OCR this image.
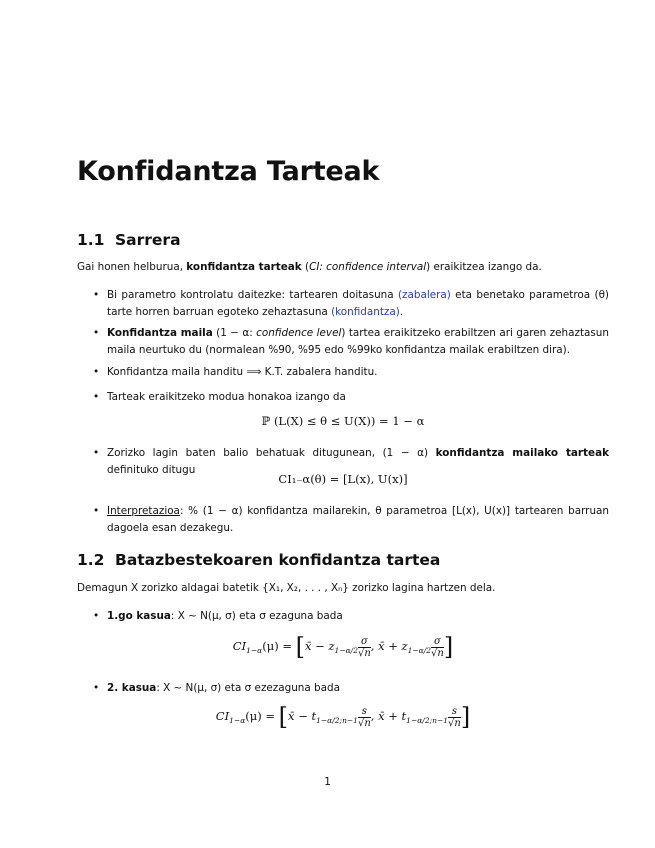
Konfidantza Tarteak
1.1 Sarrera

Gai honen helburua, konfidantza tarteak (CI: confidence interval) eraikitzea izango da.

• Bi parametro kontrolatu daitezke: tartearen doitasuna (zabalera) eta benetako parametroa (θ) tarte horren barruan egoteko zehaztasuna (konfidantza).

• Konfidantza maila (1 − α: confidence level) tartea eraikitzeko erabiltzen ari garen zehaztasun maila neurtuko du (normalean %90, %95 edo %99ko konfidantza mailak erabiltzen dira).

• Konfidantza maila handitu ⟹ K.T. zabalera handitu.

• Tarteak eraikitzeko modua honakoa izango da

ℙ (L(X) ≤ θ ≤ U(X)) = 1 − α
• Zorizko lagin baten balio behatuak ditugunean, (1 − α) konfidantza mailako tarteak definituko ditugu

CI₁₋α(θ) = [L(x), U(x)]
• Interpretazioa: % (1 − α) konfidantza mailarekin, θ parametroa [L(x), U(x)] tartearen barruan dagoela esan dezakegu.

1.2 Batazbestekoaren konfidantza tartea

Demagun X zorizko aldagai batetik {X₁, X₂, . . . , Xₙ} zorizko lagina hartzen dela.

• 1.go kasua: X ∼ N(μ, σ) eta σ ezaguna bada

$CI_{1-\alpha}(\mu)$ = [x̄ − $z_{1-\alpha/2} \frac{\sigma}{√n}$ , x̄ + $z_{1-\alpha/2} \frac{\sigma}{√n}$ ]
• 2. kasua: X ∼ N(μ, σ) eta σ ezezaguna bada

$CI_{1-\alpha}(\mu)$ = [x̄ − $t_{1-\alpha/2;n-1} \frac{s}{√n}$ , x̄ + $t_{1-\alpha/2;n-1} \frac{s}{√n}$ ]
1
